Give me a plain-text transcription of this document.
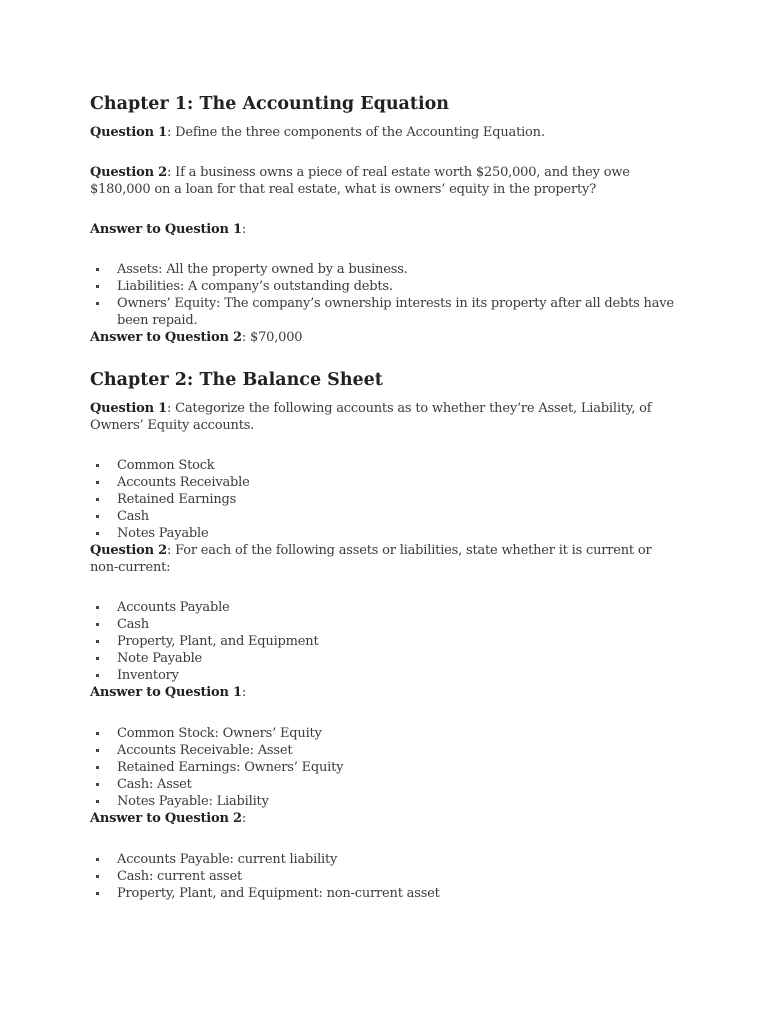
Chapter 1: The Accounting Equation

Question 1: Define the three components of the Accounting Equation.

Question 2: If a business owns a piece of real estate worth $250,000, and they owe $180,000 on a loan for that real estate, what is owners’ equity in the property?

Answer to Question 1:

Assets: All the property owned by a business.
Liabilities: A company’s outstanding debts.
Owners’ Equity: The company’s ownership interests in its property after all debts have been repaid.

Answer to Question 2: $70,000

Chapter 2: The Balance Sheet

Question 1: Categorize the following accounts as to whether they’re Asset, Liability, of Owners’ Equity accounts.

Common Stock
Accounts Receivable
Retained Earnings
Cash
Notes Payable

Question 2: For each of the following assets or liabilities, state whether it is current or non-current:

Accounts Payable
Cash
Property, Plant, and Equipment
Note Payable
Inventory

Answer to Question 1:

Common Stock: Owners’ Equity
Accounts Receivable: Asset
Retained Earnings: Owners’ Equity
Cash: Asset
Notes Payable: Liability

Answer to Question 2:

Accounts Payable: current liability
Cash: current asset
Property, Plant, and Equipment: non-current asset
